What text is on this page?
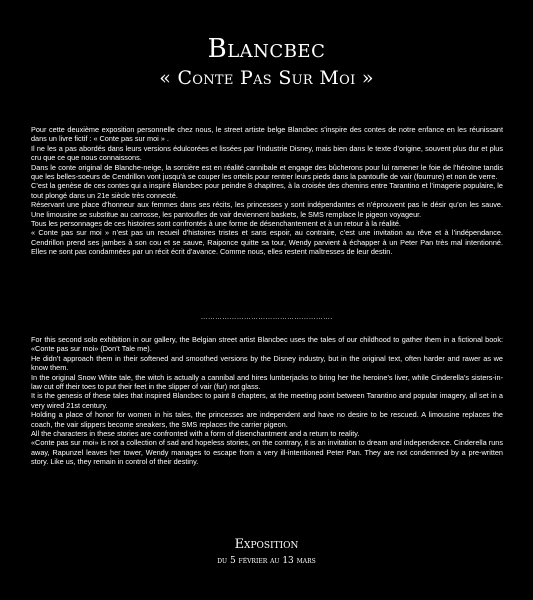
Blancbec
« Conte Pas Sur Moi »

Pour cette deuxième exposition personnelle chez nous, le street artiste belge Blancbec s’inspire des contes de notre enfance en les réunissant dans un livre fictif : « Conte pas sur moi » .

Il ne les a pas abordés dans leurs versions édulcorées et lissées par l’industrie Disney, mais bien dans le texte d’origine, souvent plus dur et plus cru que ce que nous connaissons.

Dans le conte original de Blanche-neige, la sorcière est en réalité cannibale et engage des bûcherons pour lui ramener le foie de l’héroïne tandis que les belles-soeurs de Cendrillon vont jusqu’à se couper les orteils pour rentrer leurs pieds dans la pantoufle de vair (fourrure) et non de verre.

C’est la genèse de ces contes qui a inspiré Blancbec pour peindre 8 chapitres, à la croisée des chemins entre Tarantino et l’imagerie populaire, le tout plongé dans un 21e siècle très connecté.

Réservant une place d’honneur aux femmes dans ses récits, les princesses y sont indépendantes et n’éprouvent pas le désir qu’on les sauve. Une limousine se substitue au carrosse, les pantoufles de vair deviennent baskets, le SMS remplace le pigeon voyageur.

Tous les personnages de ces histoires sont confrontés à une forme de désenchantement et à un retour à la réalité.

« Conte pas sur moi » n’est pas un recueil d’histoires tristes et sans espoir, au contraire, c’est une invitation au rêve et à l’indépendance. Cendrillon prend ses jambes à son cou et se sauve, Raiponce quitte sa tour, Wendy parvient à échapper à un Peter Pan très mal intentionné. Elles ne sont pas condamnées par un récit écrit d’avance. Comme nous, elles restent maîtresses de leur destin.

……………………………………………….

For this second solo exhibition in our gallery, the Belgian street artist Blancbec uses the tales of our childhood to gather them in a fictional book: «Conte pas sur moi» (Don’t Tale me).

He didn’t approach them in their softened and smoothed versions by the Disney industry, but in the original text, often harder and rawer as we know them.

In the original Snow White tale, the witch is actually a cannibal and hires lumberjacks to bring her the heroine’s liver, while Cinderella’s sisters-in-law cut off their toes to put their feet in the slipper of vair (fur) not glass.

It is the genesis of these tales that inspired Blancbec to paint 8 chapters, at the meeting point between Tarantino and popular imagery, all set in a very wired 21st century.

Holding a place of honor for women in his tales, the princesses are independent and have no desire to be rescued. A limousine replaces the coach, the vair slippers become sneakers, the SMS replaces the carrier pigeon.

All the characters in these stories are confronted with a form of disenchantment and a return to reality.

«Conte pas sur moi» is not a collection of sad and hopeless stories, on the contrary, it is an invitation to dream and independence. Cinderella runs away, Rapunzel leaves her tower, Wendy manages to escape from a very ill-intentioned Peter Pan. They are not condemned by a pre-written story. Like us, they remain in control of their destiny.

Exposition
du 5 février au 13 mars
